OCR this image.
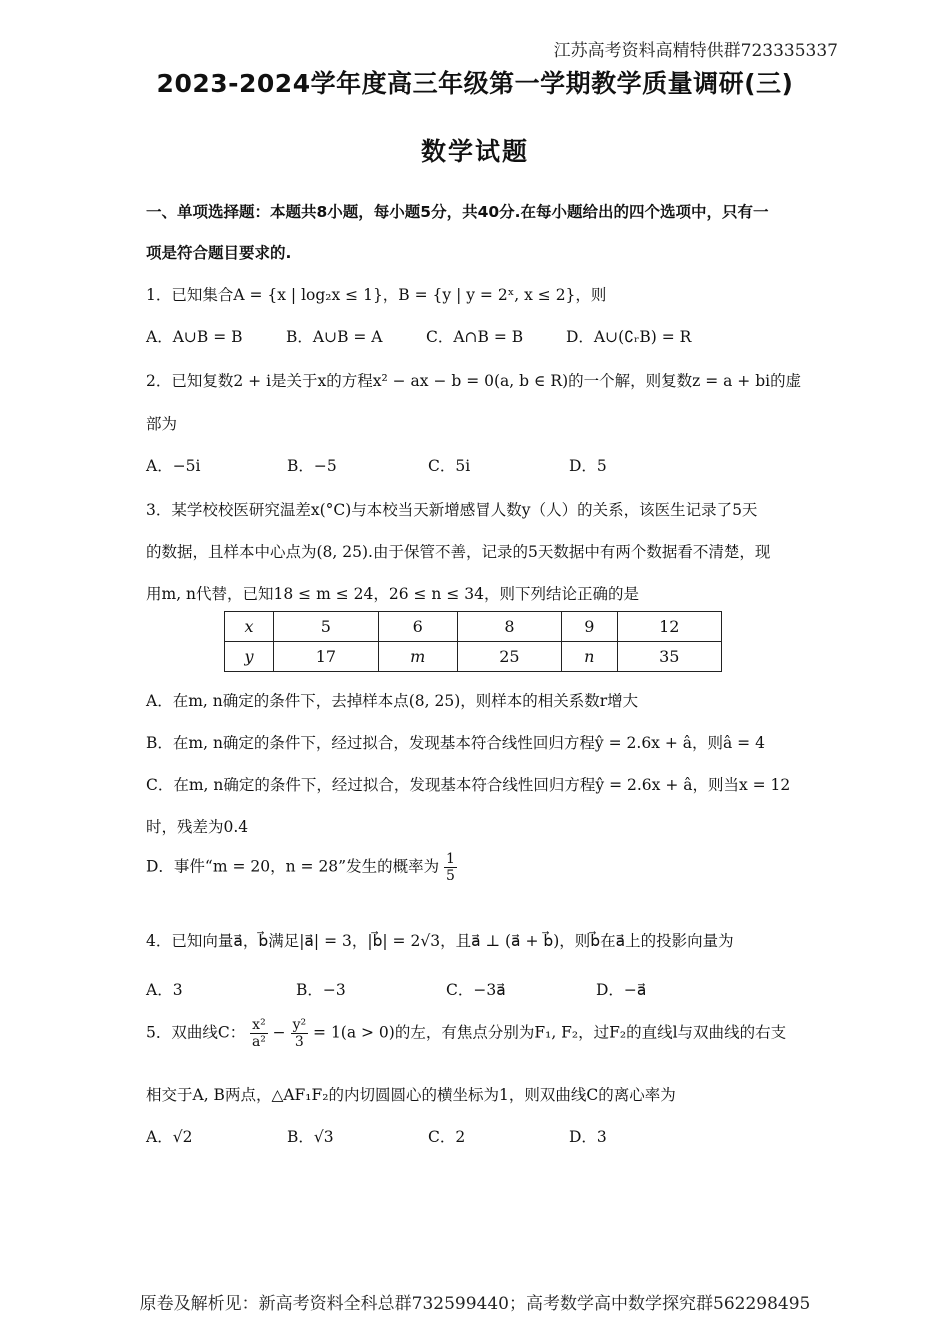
江苏高考资料高精特供群723335337
2023-2024学年度高三年级第一学期教学质量调研(三)
数学试题
一、单项选择题：本题共8小题，每小题5分，共40分.在每小题给出的四个选项中，只有一
项是符合题目要求的.
1．已知集合A = {x | log₂x ≤ 1}，B = {y | y = 2ˣ, x ≤ 2}，则
A．A∪B = B	B．A∪B = A	C．A∩B = B	D．A∪(∁ᵣB) = R
2．已知复数2 + i是关于x的方程x² − ax − b = 0(a, b ∈ R)的一个解，则复数z = a + bi的虚
部为
A．−5i	B．−5	C．5i	D．5
3．某学校校医研究温差x(°C)与本校当天新增感冒人数y（人）的关系，该医生记录了5天
的数据，且样本中心点为(8, 25).由于保管不善，记录的5天数据中有两个数据看不清楚，现
用m, n代替，已知18 ≤ m ≤ 24，26 ≤ n ≤ 34，则下列结论正确的是
x	5	6	8	9	12
y	17	m	25	n	35
A．在m, n确定的条件下，去掉样本点(8, 25)，则样本的相关系数r增大
B．在m, n确定的条件下，经过拟合，发现基本符合线性回归方程ŷ = 2.6x + â，则â = 4
C．在m, n确定的条件下，经过拟合，发现基本符合线性回归方程ŷ = 2.6x + â，则当x = 12
时，残差为0.4
D．事件“m = 20，n = 28”发生的概率为 $\frac{1}{5}$
4．已知向量a⃗，b⃗满足|a⃗| = 3，|b⃗| = 2√3，且a⃗ ⊥ (a⃗ + b⃗)，则b⃗在a⃗上的投影向量为
A．3	B．−3	C．−3a⃗	D．−a⃗
5．双曲线C： $\frac{\text{x²}}{\text{a²}} - \frac{\text{y²}}{3} = 1(a > 0)$的左，有焦点分别为F₁, F₂，过F₂的直线l与双曲线的右支
相交于A, B两点，△AF₁F₂的内切圆圆心的横坐标为1，则双曲线C的离心率为
A．√2	B．√3	C．2	D．3
原卷及解析见：新高考资料全科总群732599440；高考数学高中数学探究群562298495
